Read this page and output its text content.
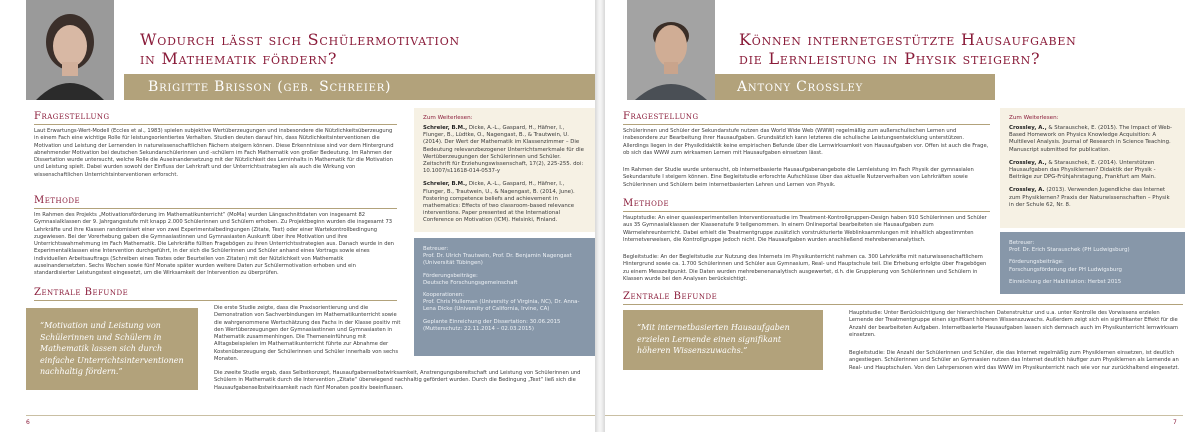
Wodurch lässt sich Schülermotivation
in Mathematik fördern?
Brigitte Brisson (geb. Schreier)
Fragestellung
Laut Erwartungs-Wert-Modell (Eccles et al., 1983) spielen subjektive Wertüberzeugungen und insbesondere die Nützlichkeitsüberzeugung in einem Fach eine wichtige Rolle für leistungsorientiertes Verhalten. Studien deuten darauf hin, dass Nützlichkeitsinterventionen die Motivation und Leistung der Lernenden in naturwissenschaftlichen Fächern steigern können. Diese Erkenntnisse sind vor dem Hintergrund abnehmender Motivation bei deutschen Sekundarschülerinnen und -schülern im Fach Mathematik von großer Bedeutung. Im Rahmen der Dissertation wurde untersucht, welche Rolle die Auseinandersetzung mit der Nützlichkeit des Lerninhalts in Mathematik für die Motivation und Leistung spielt. Dabei wurden sowohl der Einfluss der Lehrkraft und der Unterrichtsstrategien als auch die Wirkung von wissenschaftlichen Unterrichtsinterventionen erforscht.
Methode
Im Rahmen des Projekts „Motivationsförderung im Mathematikunterricht“ (MoMa) wurden Längsschnittdaten von insgesamt 82 Gymnasialklassen der 9. Jahrgangsstufe mit knapp 2.000 Schülerinnen und Schülern erhoben. Zu Projektbeginn wurden die insgesamt 73 Lehrkräfte und ihre Klassen randomisiert einer von zwei Experimentalbedingungen (Zitate, Text) oder einer Wartekontrollbedingung zugewiesen. Bei der Vorerhebung gaben die Gymnasiastinnen und Gymnasiasten Auskunft über ihre Motivation und ihre Unterrichtswahrnehmung im Fach Mathematik. Die Lehrkräfte füllten Fragebögen zu ihren Unterrichtsstrategien aus. Danach wurde in den Experimentalklassen eine Intervention durchgeführt, in der sich die Schülerinnen und Schüler anhand eines Vortrags sowie eines individuellen Arbeitsauftrags (Schreiben eines Textes oder Beurteilen von Zitaten) mit der Nützlichkeit von Mathematik auseinandersetzten. Sechs Wochen sowie fünf Monate später wurden weitere Daten zur Schülermotivation erhoben und ein standardisierter Leistungstest eingesetzt, um die Wirksamkeit der Intervention zu überprüfen.
Zentrale Befunde
“Motivation und Leistung von Schülerinnen und Schülern in Mathematik lassen sich durch einfache Unterrichtsinterventionen nachhaltig fördern.”
Die erste Studie zeigte, dass die Praxisorientierung und die Demonstration von Sachverbindungen im Mathematikunterricht sowie die wahrgenommene Wertschätzung des Fachs in der Klasse positiv mit den Wertüberzeugungen der Gymnasiastinnen und Gymnasiasten in Mathematik zusammenhingen. Die Themeneinführung mit Alltagsbeispielen im Mathematikunterricht führte zur Abnahme der Kostenüberzeugung der Schülerinnen und Schüler innerhalb von sechs Monaten.
Die zweite Studie ergab, dass Selbstkonzept, Hausaufgabenselbstwirksamkeit, Anstrengungsbereitschaft und Leistung von Schülerinnen und Schülern in Mathematik durch die Intervention „Zitate“ überwiegend nachhaltig gefördert wurden. Durch die Bedingung „Text“ ließ sich die Hausaufgabenselbstwirksamkeit nach fünf Monaten positiv beeinflussen.
Zum Weiterlesen:
Schreier, B.M., Dicke, A.-L., Gaspard, H., Häfner, I., Flunger, B., Lüdtke, O., Nagengast, B., & Trautwein, U. (2014). Der Wert der Mathematik im Klassenzimmer – Die Bedeutung relevanzbezogener Unterrichtsmerkmale für die Wertüberzeugungen der Schülerinnen und Schüler. Zeitschrift für Erziehungswissenschaft, 17(2), 225-255. doi: 10.1007/s11618-014-0537-y
Schreier, B.M., Dicke, A.-L., Gaspard, H., Häfner, I., Flunger, B., Trautwein, U., & Nagengast, B. (2014, June). Fostering competence beliefs and achievement in mathematics: Effects of two classroom-based relevance interventions. Paper presented at the International Conference on Motivation (ICM). Helsinki, Finland.
Betreuer:
Prof. Dr. Ulrich Trautwein, Prof. Dr. Benjamin Nagengast (Universität Tübingen)
Förderungsbeiträge:
Deutsche Forschungsgemeinschaft
Kooperationen:
Prof. Chris Hulleman (University of Virginia, NC), Dr. Anna-Lena Dicke (University of California, Irvine, CA)
Geplante Einreichung der Dissertation: 30.06.2015
(Mutterschutz: 22.11.2014 – 02.03.2015)
6
Können internetgestützte Hausaufgaben
die Lernleistung in Physik steigern?
Antony Crossley
Fragestellung
Schülerinnen und Schüler der Sekundarstufe nutzen das World Wide Web (WWW) regelmäßig zum außerschulischen Lernen und insbesondere zur Bearbeitung ihrer Hausaufgaben. Grundsätzlich kann letzteres die schulische Leistungsentwicklung unterstützen. Allerdings liegen in der Physikdidaktik keine empirischen Befunde über die Lernwirksamkeit von Hausaufgaben vor. Offen ist auch die Frage, ob sich das WWW zum wirksamen Lernen mit Hausaufgaben einsetzen lässt.
Im Rahmen der Studie wurde untersucht, ob internetbasierte Hausaufgabenangebote die Lernleistung im Fach Physik der gymnasialen Sekundarstufe I steigern können. Eine Begleitstudie erforschte Aufschlüsse über das aktuelle Nutzerverhalten von Lehrkräften sowie Schülerinnen und Schülern beim internetbasierten Lehren und Lernen von Physik.
Methode
Hauptstudie: An einer quasiexperimentellen Interventionsstudie im Treatment-Kontrollgruppen-Design haben 910 Schülerinnen und Schüler aus 35 Gymnasialklassen der Klassenstufe 9 teilgenommen. In einem Onlineportal bearbeiteten sie Hausaufgaben zum Wärmelehreunterricht. Dabei erhielt die Treatmentgruppe zusätzlich vorstrukturierte Weblinksammlungen mit inhaltlich abgestimmten Internetverweisen, die Kontrollgruppe jedoch nicht. Die Hausaufgaben wurden anschließend mehrebenenanalytisch.
Begleitstudie: An der Begleitstudie zur Nutzung des Internets im Physikunterricht nahmen ca. 300 Lehrkräfte mit naturwissenschaftlichem Hintergrund sowie ca. 1.700 Schülerinnen und Schüler aus Gymnasium, Real- und Hauptschule teil. Die Erhebung erfolgte über Fragebögen zu einem Messzeitpunkt. Die Daten wurden mehrebenenanalytisch ausgewertet, d.h. die Gruppierung von Schülerinnen und Schülern in Klassen wurde bei den Analysen berücksichtigt.
Zentrale Befunde
“Mit internetbasierten Hausaufgaben erzielen Lernende einen signifikant höheren Wissenszuwachs.”
Hauptstudie: Unter Berücksichtigung der hierarchischen Datenstruktur und u.a. unter Kontrolle des Vorwissens erzielen Lernende der Treatmentgruppe einen signifikant höheren Wissenszuwachs. Außerdem zeigt sich ein signifikanter Effekt für die Anzahl der bearbeiteten Aufgaben. Internetbasierte Hausaufgaben lassen sich demnach auch im Physikunterricht lernwirksam einsetzen.
Begleitstudie: Die Anzahl der Schülerinnen und Schüler, die das Internet regelmäßig zum Physiklernen einsetzen, ist deutlich angestiegen. Schülerinnen und Schüler an Gymnasien nutzen das Internet deutlich häufiger zum Physiklernen als Lernende an Real- und Hauptschulen. Von den Lehrpersonen wird das WWW im Physikunterricht nach wie vor nur zurückhaltend eingesetzt.
Zum Weiterlesen:
Crossley, A., & Starauschek, E. (2015). The Impact of Web-Based Homework on Physics Knowledge Acquisition: A Multilevel Analysis. Journal of Research in Science Teaching. Manuscript submitted for publication.
Crossley, A., & Starauschek, E. (2014). Unterstützen Hausaufgaben das Physiklernen? Didaktik der Physik - Beiträge zur DPG-Frühjahrstagung, Frankfurt am Main.
Crossley, A. (2013). Verwenden Jugendliche das Internet zum Physiklernen? Praxis der Naturwissenschaften – Physik in der Schule 62, Nr. 8.
Betreuer:
Prof. Dr. Erich Starauschek (PH Ludwigsburg)
Förderungsbeiträge:
Forschungsförderung der PH Ludwigsburg
Einreichung der Habilitation: Herbst 2015
7
